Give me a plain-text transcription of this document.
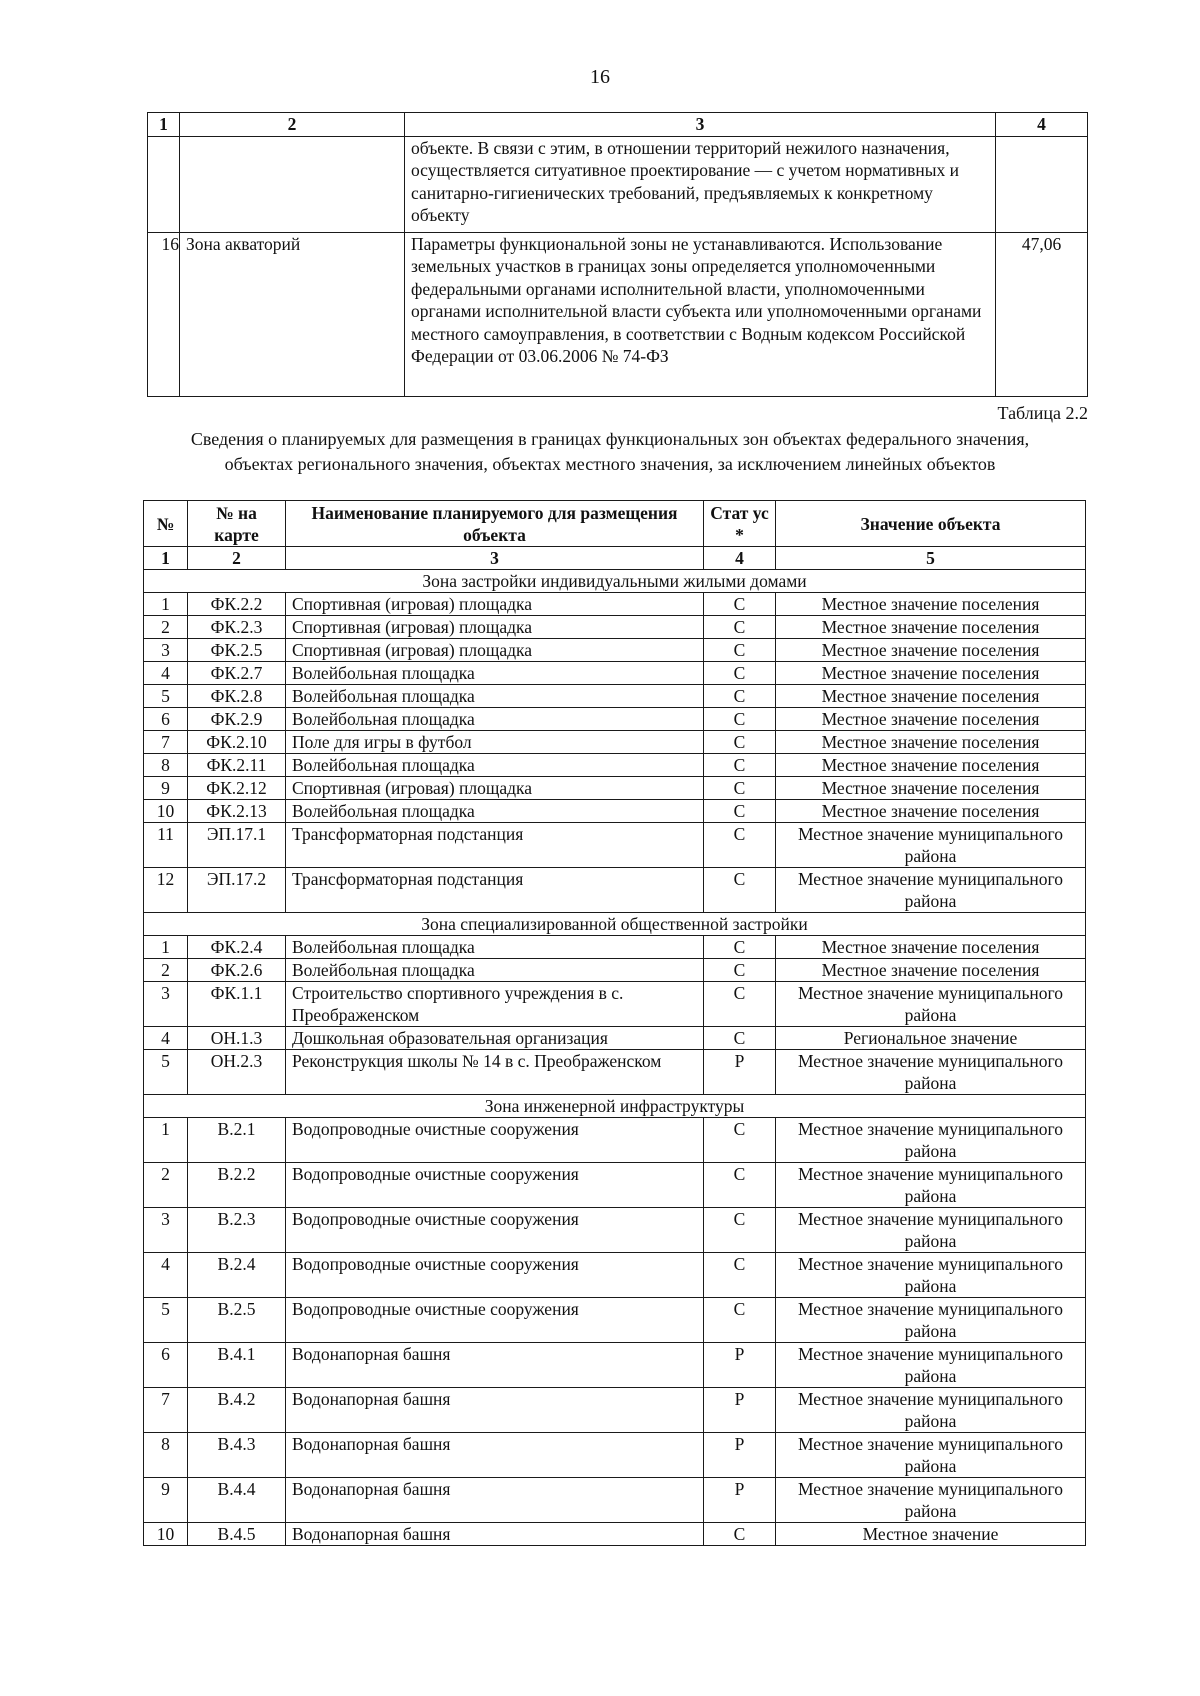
16
1	2	3	4
		объекте. В связи с этим, в отношении территорий нежилого назначения, осуществляется ситуативное проектирование — с учетом нормативных и санитарно-гигиенических требований, предъявляемых к конкретному объекту	
16	Зона акваторий	Параметры функциональной зоны не устанавливаются. Использование земельных участков в границах зоны определяется уполномоченными федеральными органами исполнительной власти, уполномоченными органами исполнительной власти субъекта или уполномоченными органами местного самоуправления, в соответствии с Водным кодексом Российской Федерации от 03.06.2006 № 74-ФЗ	47,06
Таблица 2.2
Сведения о планируемых для размещения в границах функциональных зон объектах федерального значения, объектах регионального значения, объектах местного значения, за исключением линейных объектов
№	№ на карте	Наименование планируемого для размещения объекта	Стат ус *	Значение объекта
1	2	3	4	5
Зона застройки индивидуальными жилыми домами				
1	ФК.2.2	Спортивная (игровая) площадка	С	Местное значение поселения
2	ФК.2.3	Спортивная (игровая) площадка	С	Местное значение поселения
3	ФК.2.5	Спортивная (игровая) площадка	С	Местное значение поселения
4	ФК.2.7	Волейбольная площадка	С	Местное значение поселения
5	ФК.2.8	Волейбольная площадка	С	Местное значение поселения
6	ФК.2.9	Волейбольная площадка	С	Местное значение поселения
7	ФК.2.10	Поле для игры в футбол	С	Местное значение поселения
8	ФК.2.11	Волейбольная площадка	С	Местное значение поселения
9	ФК.2.12	Спортивная (игровая) площадка	С	Местное значение поселения
10	ФК.2.13	Волейбольная площадка	С	Местное значение поселения
11	ЭП.17.1	Трансформаторная подстанция	С	Местное значение муниципального района
12	ЭП.17.2	Трансформаторная подстанция	С	Местное значение муниципального района
Зона специализированной общественной застройки				
1	ФК.2.4	Волейбольная площадка	С	Местное значение поселения
2	ФК.2.6	Волейбольная площадка	С	Местное значение поселения
3	ФК.1.1	Строительство спортивного учреждения в с. Преображенском	С	Местное значение муниципального района
4	ОН.1.3	Дошкольная образовательная организация	С	Региональное значение
5	ОН.2.3	Реконструкция школы № 14 в с. Преображенском	Р	Местное значение муниципального района
Зона инженерной инфраструктуры				
1	В.2.1	Водопроводные очистные сооружения	С	Местное значение муниципального района
2	В.2.2	Водопроводные очистные сооружения	С	Местное значение муниципального района
3	В.2.3	Водопроводные очистные сооружения	С	Местное значение муниципального района
4	В.2.4	Водопроводные очистные сооружения	С	Местное значение муниципального района
5	В.2.5	Водопроводные очистные сооружения	С	Местное значение муниципального района
6	В.4.1	Водонапорная башня	Р	Местное значение муниципального района
7	В.4.2	Водонапорная башня	Р	Местное значение муниципального района
8	В.4.3	Водонапорная башня	Р	Местное значение муниципального района
9	В.4.4	Водонапорная башня	Р	Местное значение муниципального района
10	В.4.5	Водонапорная башня	С	Местное значение
